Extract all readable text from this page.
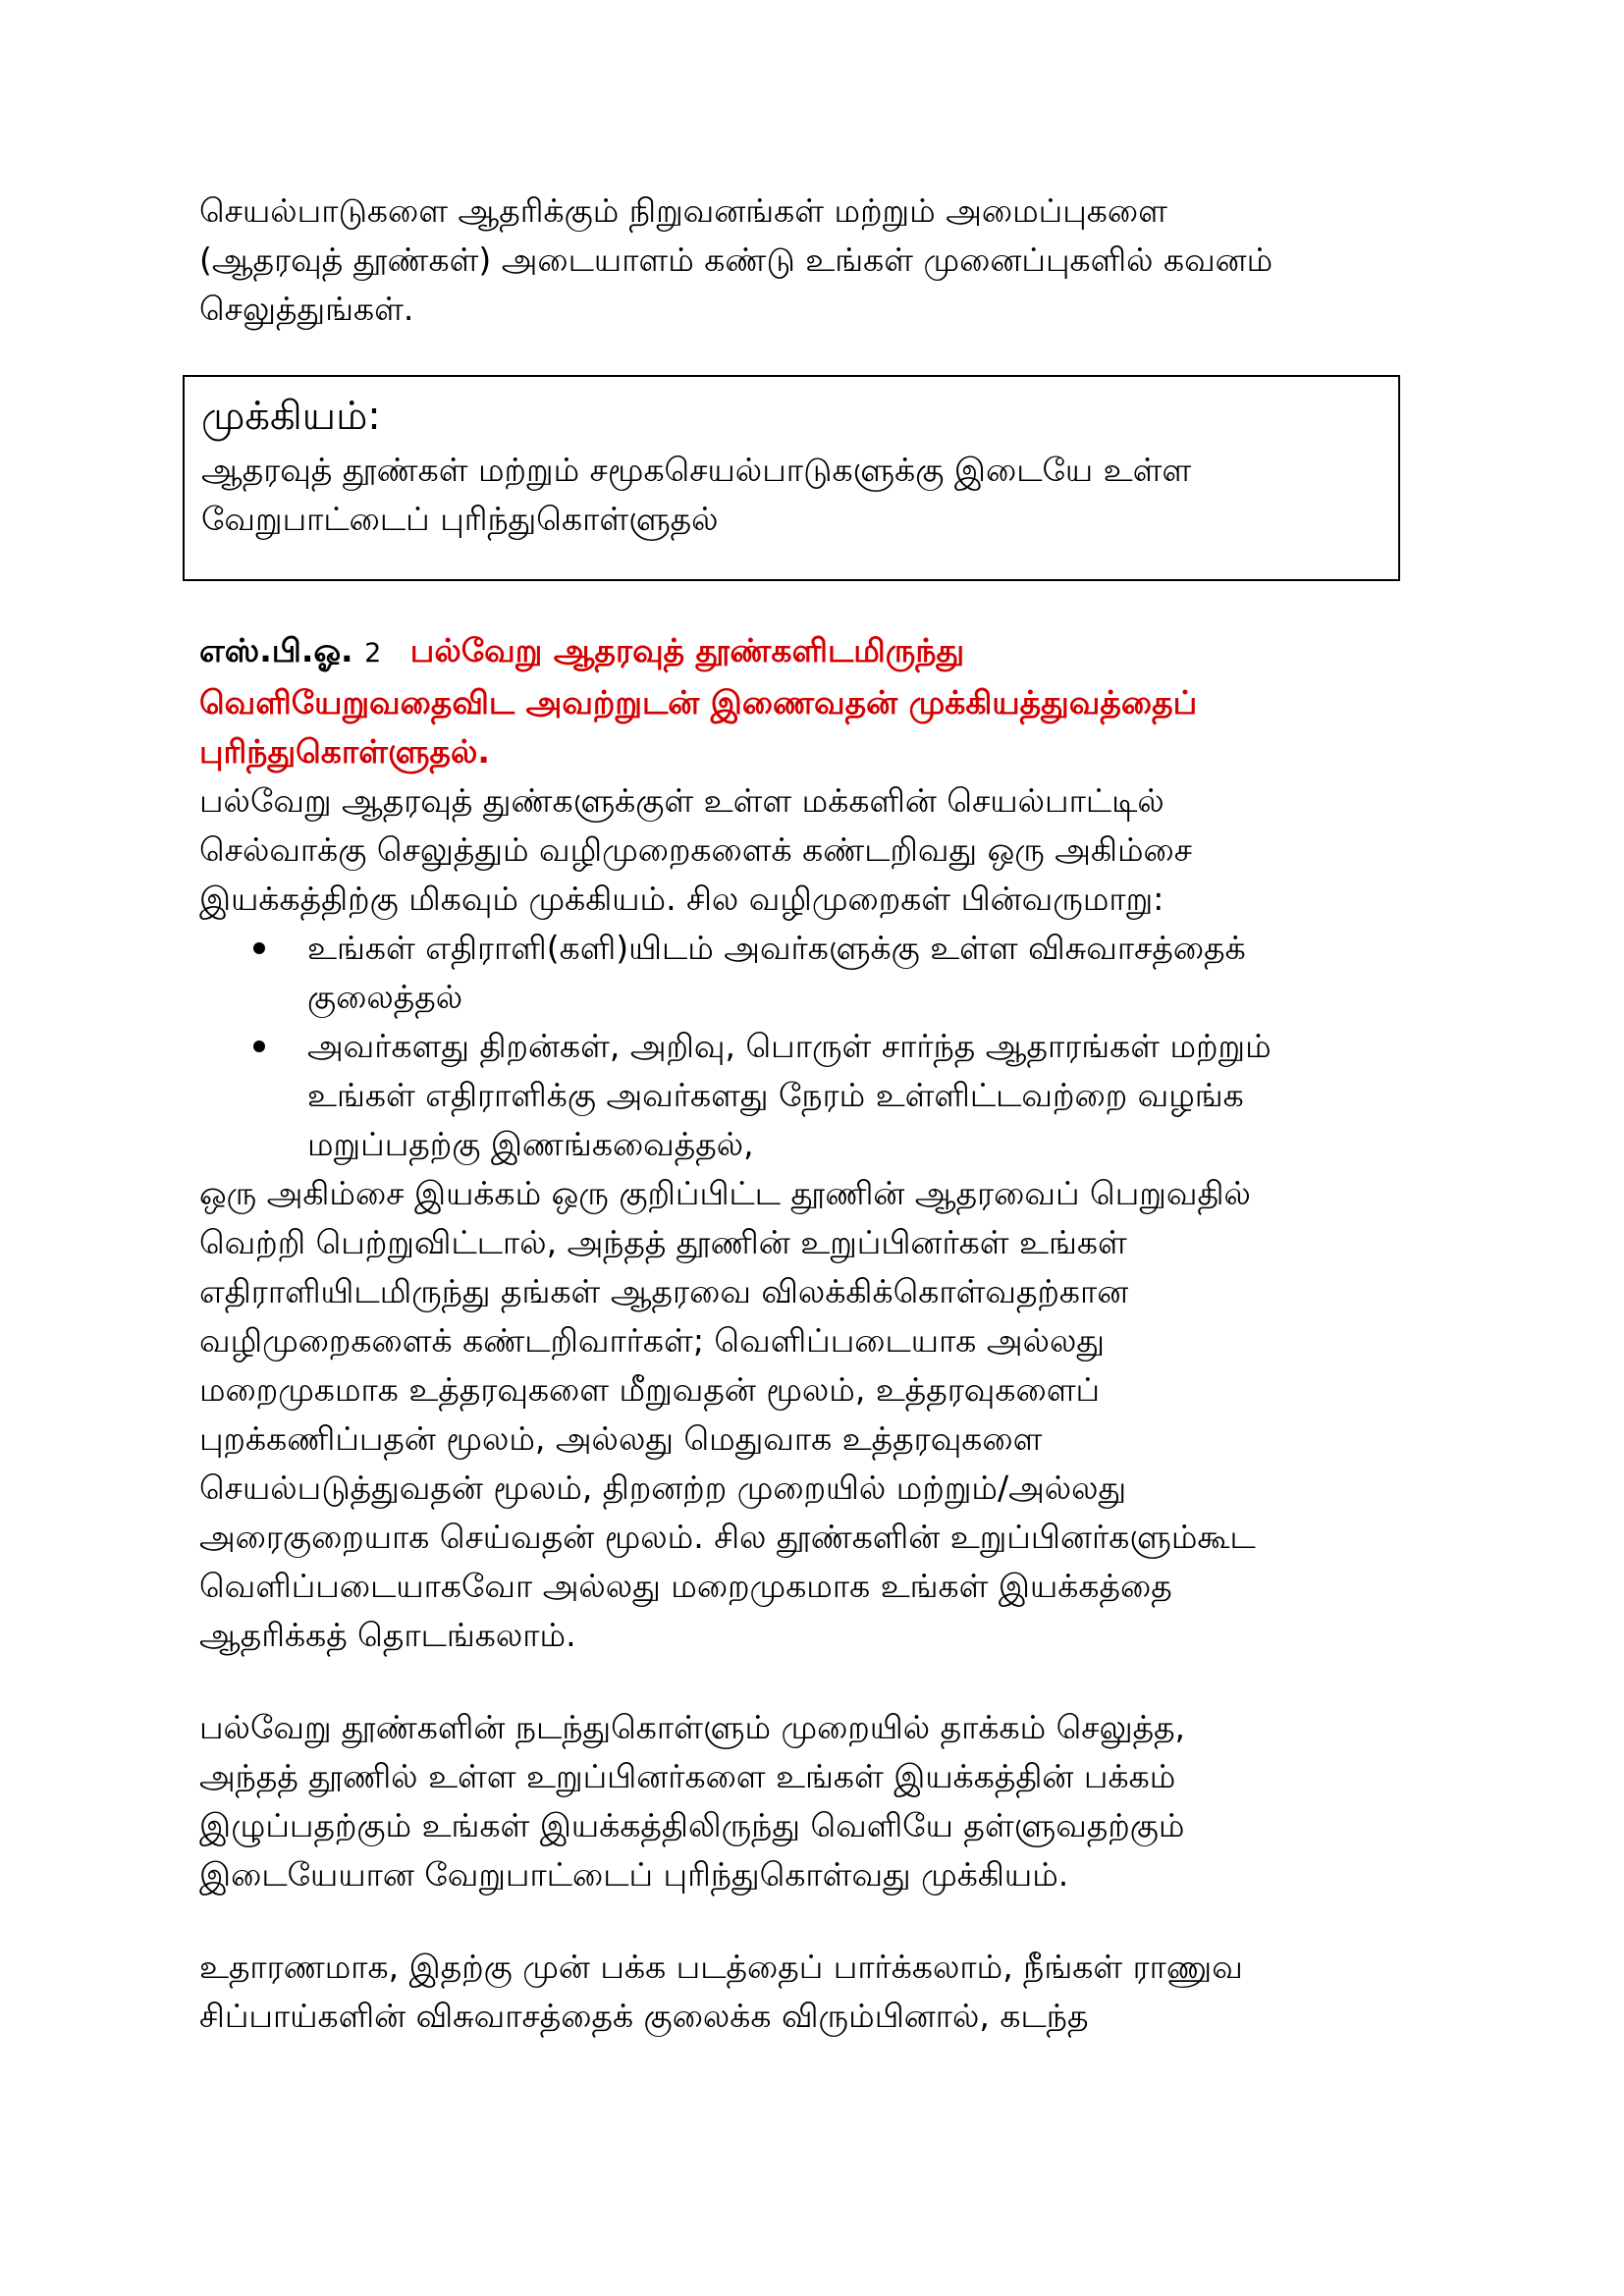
செயல்பாடுகளை ஆதரிக்கும் நிறுவனங்கள் மற்றும் அமைப்புகளை
(ஆதரவுத் தூண்கள்) அடையாளம் கண்டு உங்கள் முனைப்புகளில் கவனம்
செலுத்துங்கள்.

முக்கியம்:
ஆதரவுத் தூண்கள் மற்றும் சமூகசெயல்பாடுகளுக்கு இடையே உள்ள
வேறுபாட்டைப் புரிந்துகொள்ளுதல்
எஸ்.பி.ஓ. 2 பல்வேறு ஆதரவுத் தூண்களிடமிருந்து
வெளியேறுவதைவிட அவற்றுடன் இணைவதன் முக்கியத்துவத்தைப்
புரிந்துகொள்ளுதல்.

பல்வேறு ஆதரவுத் துண்களுக்குள் உள்ள மக்களின் செயல்பாட்டில்
செல்வாக்கு செலுத்தும் வழிமுறைகளைக் கண்டறிவது ஒரு அகிம்சை
இயக்கத்திற்கு மிகவும் முக்கியம். சில வழிமுறைகள் பின்வருமாறு:

உங்கள் எதிராளி(களி)யிடம் அவர்களுக்கு உள்ள விசுவாசத்தைக்
குலைத்தல்
அவர்களது திறன்கள், அறிவு, பொருள் சார்ந்த ஆதாரங்கள் மற்றும்
உங்கள் எதிராளிக்கு அவர்களது நேரம் உள்ளிட்டவற்றை வழங்க
மறுப்பதற்கு இணங்கவைத்தல்,

ஒரு அகிம்சை இயக்கம் ஒரு குறிப்பிட்ட தூணின் ஆதரவைப் பெறுவதில்
வெற்றி பெற்றுவிட்டால், அந்தத் தூணின் உறுப்பினர்கள் உங்கள்
எதிராளியிடமிருந்து தங்கள் ஆதரவை விலக்கிக்கொள்வதற்கான
வழிமுறைகளைக் கண்டறிவார்கள்; வெளிப்படையாக அல்லது
மறைமுகமாக உத்தரவுகளை மீறுவதன் மூலம், உத்தரவுகளைப்
புறக்கணிப்பதன் மூலம், அல்லது மெதுவாக உத்தரவுகளை
செயல்படுத்துவதன் மூலம், திறனற்ற முறையில் மற்றும்/அல்லது
அரைகுறையாக செய்வதன் மூலம். சில தூண்களின் உறுப்பினர்களும்கூட
வெளிப்படையாகவோ அல்லது மறைமுகமாக உங்கள் இயக்கத்தை
ஆதரிக்கத் தொடங்கலாம்.

பல்வேறு தூண்களின் நடந்துகொள்ளும் முறையில் தாக்கம் செலுத்த,
அந்தத் தூணில் உள்ள உறுப்பினர்களை உங்கள் இயக்கத்தின் பக்கம்
இழுப்பதற்கும் உங்கள் இயக்கத்திலிருந்து வெளியே தள்ளுவதற்கும்
இடையேயான வேறுபாட்டைப் புரிந்துகொள்வது முக்கியம்.

உதாரணமாக, இதற்கு முன் பக்க படத்தைப் பார்க்கலாம், நீங்கள் ராணுவ
சிப்பாய்களின் விசுவாசத்தைக் குலைக்க விரும்பினால், கடந்த
